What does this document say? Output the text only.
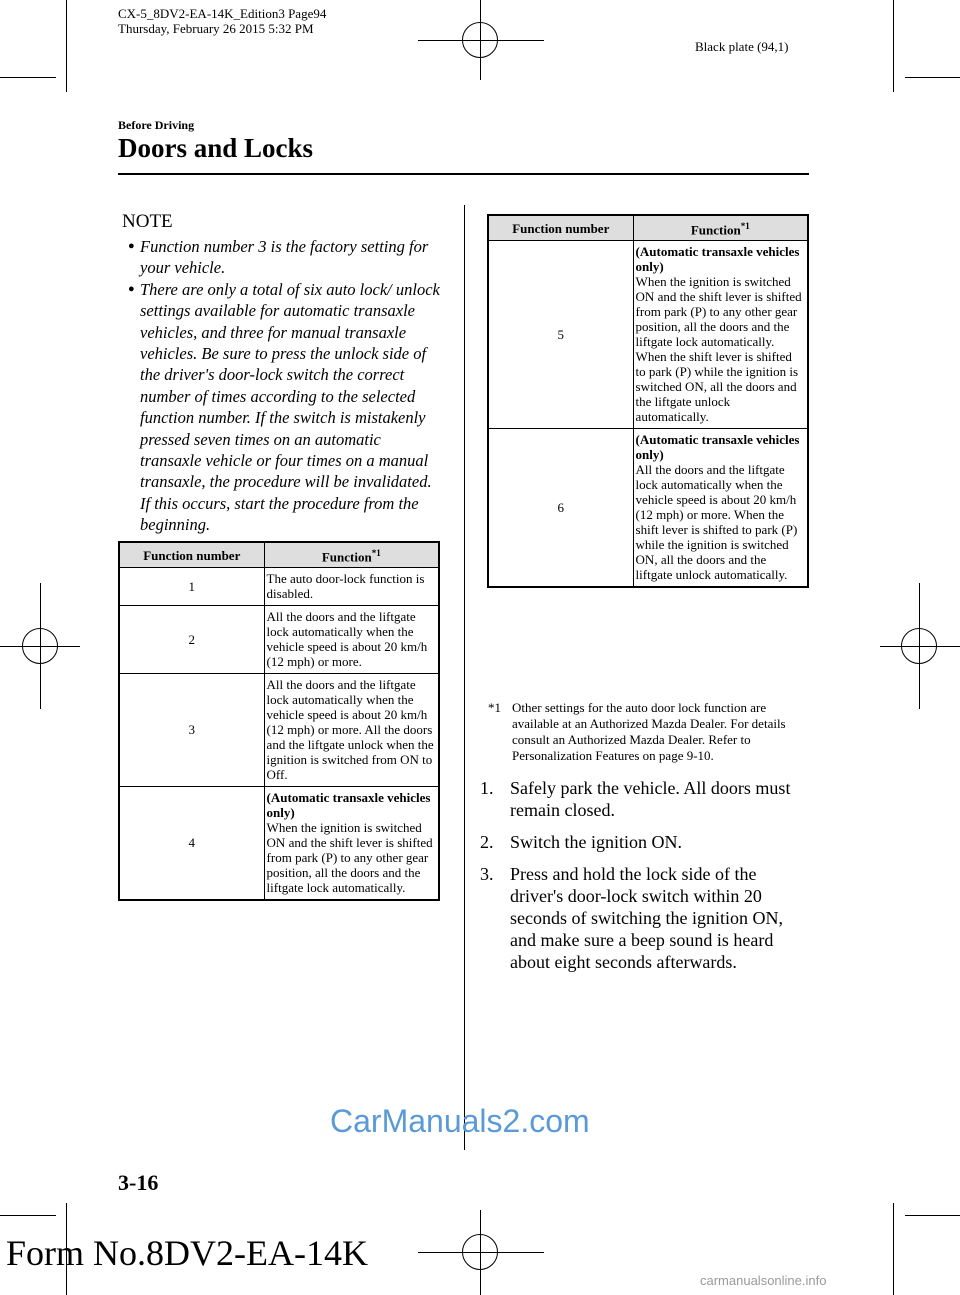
CX-5_8DV2-EA-14K_Edition3 Page94
Thursday, February 26 2015 5:32 PM
Black plate (94,1)
Before Driving
Doors and Locks
NOTE
● Function number 3 is the factory setting for your vehicle.
● There are only a total of six auto lock/ unlock settings available for automatic transaxle vehicles, and three for manual transaxle vehicles. Be sure to press the unlock side of the driver's door-lock switch the correct number of times according to the selected function number. If the switch is mistakenly pressed seven times on an automatic transaxle vehicle or four times on a manual transaxle, the procedure will be invalidated. If this occurs, start the procedure from the beginning.
Function number	Function$^{*1}$
1	The auto door-lock function is disabled.
2	All the doors and the liftgate lock automatically when the vehicle speed is about 20 km/h (12 mph) or more.
3	All the doors and the liftgate lock automatically when the vehicle speed is about 20 km/h (12 mph) or more. All the doors and the liftgate unlock when the ignition is switched from ON to Off.
4	(Automatic transaxle vehicles only)
When the ignition is switched ON and the shift lever is shifted from park (P) to any other gear position, all the doors and the liftgate lock automatically.
Function number	Function$^{*1}$
5	(Automatic transaxle vehicles only)
When the ignition is switched ON and the shift lever is shifted from park (P) to any other gear position, all the doors and the liftgate lock automatically. When the shift lever is shifted to park (P) while the ignition is switched ON, all the doors and the liftgate unlock automatically.
6	(Automatic transaxle vehicles only)
All the doors and the liftgate lock automatically when the vehicle speed is about 20 km/h (12 mph) or more. When the shift lever is shifted to park (P) while the ignition is switched ON, all the doors and the liftgate unlock automatically.
*1 Other settings for the auto door lock function are available at an Authorized Mazda Dealer. For details consult an Authorized Mazda Dealer. Refer to Personalization Features on page 9-10.
1. Safely park the vehicle. All doors must remain closed.
2. Switch the ignition ON.
3. Press and hold the lock side of the driver's door-lock switch within 20 seconds of switching the ignition ON, and make sure a beep sound is heard about eight seconds afterwards.
CarManuals2.com
3-16
Form No.8DV2-EA-14K
carmanualsonline.info
